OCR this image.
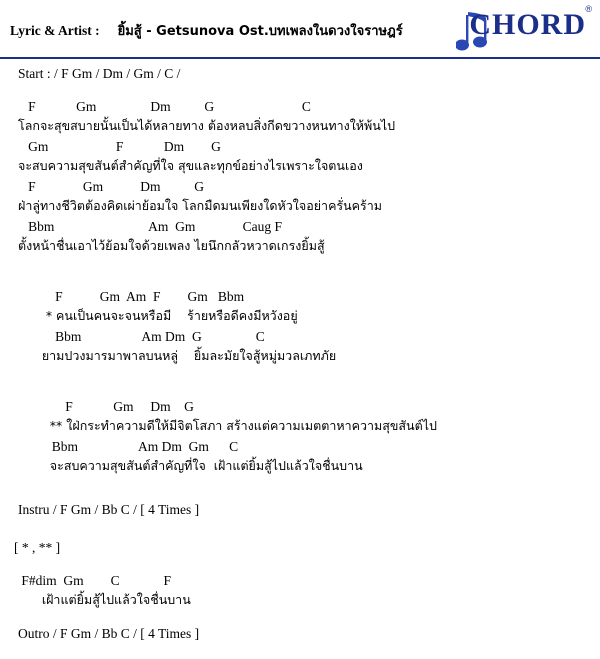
Lyric & Artist : ยิ้มสู้ - Getsunova Ost.บทเพลงในดวงใจราษฎร์ CHORD ®
Start : / F Gm / Dm / Gm / C /
F            Gm                Dm          G                          C
โลกจะสุขสบายนั้นเป็นได้หลายทาง ต้องหลบสิ่งกีดขวางหนทางให้พ้นไป
Gm                    F            Dm        G
จะสบความสุขสันต์สำคัญที่ใจ สุขและทุกข์อย่างไรเพราะใจตนเอง
F              Gm           Dm          G
ฝ่าลู่ทางชีวิตต้องคิดเผ่าย้อมใจ โลกมืดมนเพียงใดหัวใจอย่าครั่นคร้าม
Bbm                            Am  Gm              Caug F
ตั้งหน้าชื่นเอาไว้ย้อมใจด้วยเพลง ไยนึกกลัวหวาดเกรงยิ้มสู้
F           Gm  Am  F        Gm   Bbm
* คนเป็นคนจะจนหรือมี    ร้ายหรือดีคงมีหวังอยู่
Bbm                  Am Dm  G                C
ยามปวงมารมาพาลบนหลู่    ยิ้มละมัยใจสู้หมู่มวลเภทภัย
F            Gm     Dm    G
** ใฝ่กระทำความดีให้มีจิตโสภา สร้างแต่ความเมตตาหาความสุขสันต์ไป
Bbm                  Am Dm  Gm      C
จะสบความสุขสันต์สำคัญที่ใจ  เฝ้าแต่ยิ้มสู้ไปแล้วใจชื่นบาน
Instru / F Gm / Bb C / [ 4 Times ]
[ * , ** ]
F#dim  Gm        C             F
เฝ้าแต่ยิ้มสู้ไปแล้วใจชื่นบาน
Outro / F Gm / Bb C / [ 4 Times ]
